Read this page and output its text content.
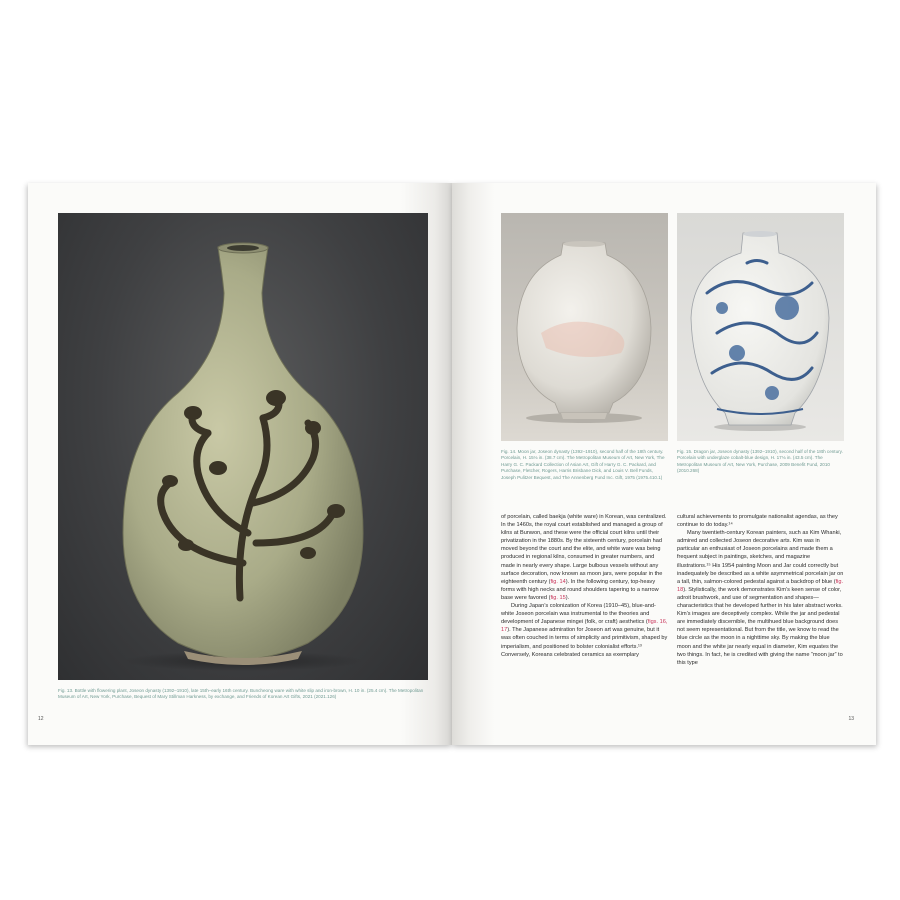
Fig. 13. Bottle with flowering plant, Joseon dynasty (1392–1910), late 15th–early 16th century. Buncheong ware with white slip and iron-brown, H. 10 in. (25.4 cm). The Metropolitan Museum of Art, New York, Purchase, Bequest of Mary Stillman Harkness, by exchange, and Friends of Korean Art Gifts, 2021 (2021.126)
12
Fig. 14. Moon jar, Joseon dynasty (1392–1910), second half of the 18th century. Porcelain, H. 15⅛ in. (38.7 cm). The Metropolitan Museum of Art, New York, The Harry G. C. Packard Collection of Asian Art, Gift of Harry G. C. Packard, and Purchase, Fletcher, Rogers, Harris Brisbane Dick, and Louis V. Bell Funds, Joseph Pulitzer Bequest, and The Annenberg Fund Inc. Gift, 1975 (1975.410.1)
Fig. 15. Dragon jar, Joseon dynasty (1392–1910), second half of the 18th century. Porcelain with underglaze cobalt-blue design, H. 17⅛ in. (43.5 cm). The Metropolitan Museum of Art, New York, Purchase, 2009 Benefit Fund, 2010 (2010.268)

of porcelain, called baekja (white ware) in Korean, was centralized. In the 1460s, the royal court established and managed a group of kilns at Bunwon, and these were the official court kilns until their privatization in the 1880s. By the sixteenth century, porcelain had moved beyond the court and the elite, and white ware was being produced in regional kilns, consumed in greater numbers, and made in nearly every shape. Large bulbous vessels without any surface decoration, now known as moon jars, were popular in the eighteenth century (fig. 14). In the following century, top-heavy forms with high necks and round shoulders tapering to a narrow base were favored (fig. 15).

During Japan’s colonization of Korea (1910–45), blue-and-white Joseon porcelain was instrumental to the theories and development of Japanese mingei (folk, or craft) aesthetics (figs. 16, 17). The Japanese admiration for Joseon art was genuine, but it was often couched in terms of simplicity and primitivism, shaped by imperialism, and positioned to bolster colonialist efforts.¹³ Conversely, Koreans celebrated ceramics as exemplary

cultural achievements to promulgate nationalist agendas, as they continue to do today.¹⁴

Many twentieth-century Korean painters, such as Kim Whanki, admired and collected Joseon decorative arts. Kim was in particular an enthusiast of Joseon porcelains and made them a frequent subject in paintings, sketches, and magazine illustrations.¹⁵ His 1954 painting Moon and Jar could correctly but inadequately be described as a white asymmetrical porcelain jar on a tall, thin, salmon-colored pedestal against a backdrop of blue (fig. 18). Stylistically, the work demonstrates Kim’s keen sense of color, adroit brushwork, and use of segmentation and shapes—characteristics that he developed further in his later abstract works. Kim’s images are deceptively complex. While the jar and pedestal are immediately discernible, the multihued blue background does not seem representational. But from the title, we know to read the blue circle as the moon in a nighttime sky. By making the blue moon and the white jar nearly equal in diameter, Kim equates the two things. In fact, he is credited with giving the name “moon jar” to this type

13
